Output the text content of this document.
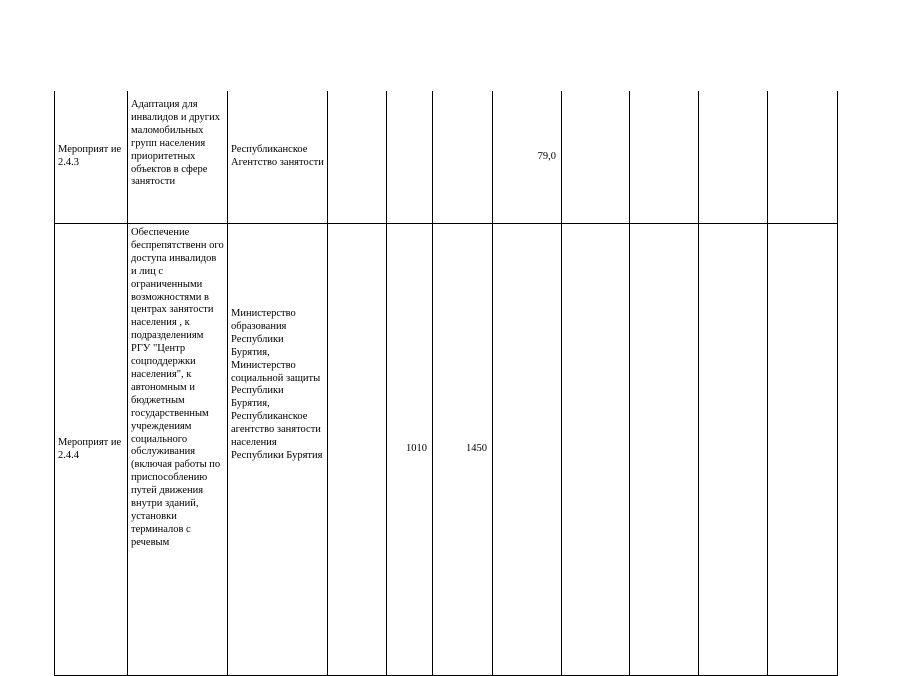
Мероприят ие 2.4.3	Адаптация для инвалидов и других маломобильных групп населения приоритетных объектов в сфере занятости	Республиканское Агентство занятости				79,0				
Мероприят ие 2.4.4	Обеспечение беспрепятственн ого доступа инвалидов и лиц с ограниченными возможностями в центрах занятости населения , к подразделениям РГУ "Центр соцподдержки населения", к автономным и бюджетным государственным учреждениям социального обслуживания (включая работы по приспособлению путей движения внутри зданий, установки терминалов с речевым	Министерство образования Республики Бурятия, Министерство социальной защиты Республики Бурятия, Республиканское агентство занятости населения Республики Бурятия		1010	1450					
